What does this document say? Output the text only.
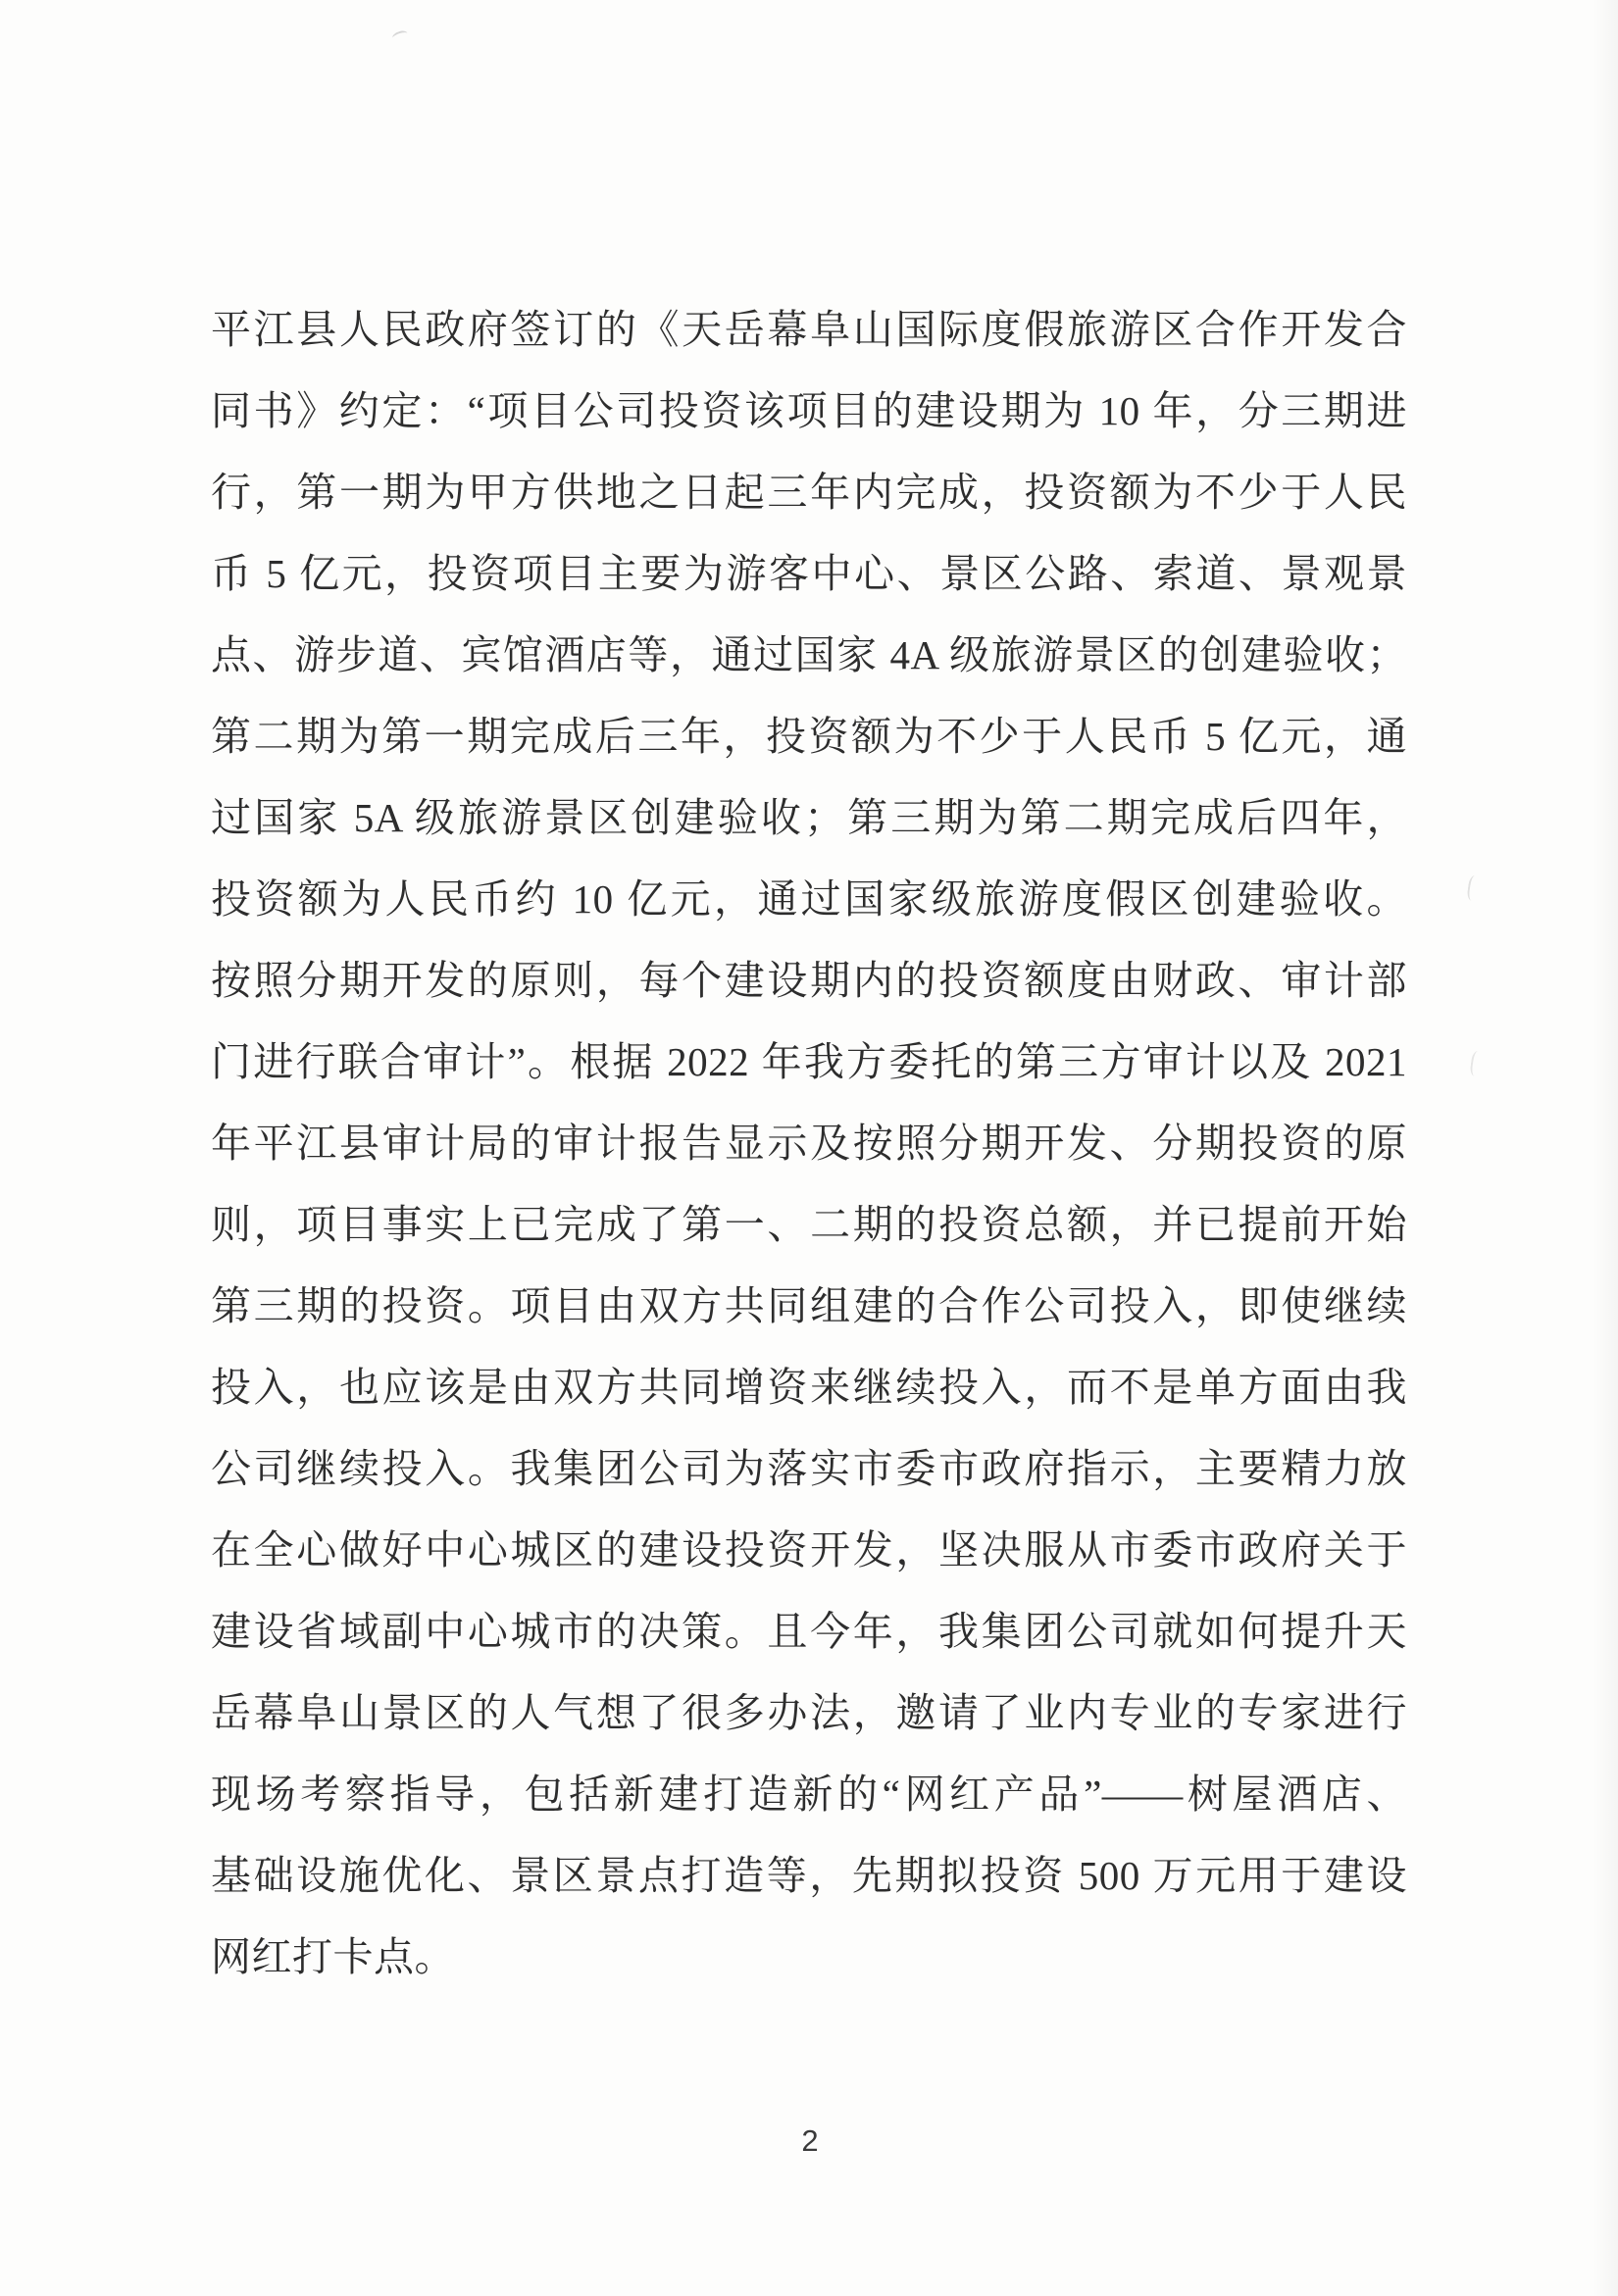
平江县人民政府签订的《天岳幕阜山国际度假旅游区合作开发合
同书》约定：“项目公司投资该项目的建设期为 10 年，分三期进
行，第一期为甲方供地之日起三年内完成，投资额为不少于人民
币 5 亿元，投资项目主要为游客中心、景区公路、索道、景观景
点、游步道、宾馆酒店等，通过国家 4A 级旅游景区的创建验收；
第二期为第一期完成后三年，投资额为不少于人民币 5 亿元，通
过国家 5A 级旅游景区创建验收；第三期为第二期完成后四年，
投资额为人民币约 10 亿元，通过国家级旅游度假区创建验收。
按照分期开发的原则，每个建设期内的投资额度由财政、审计部
门进行联合审计”。根据 2022 年我方委托的第三方审计以及 2021
年平江县审计局的审计报告显示及按照分期开发、分期投资的原
则，项目事实上已完成了第一、二期的投资总额，并已提前开始
第三期的投资。项目由双方共同组建的合作公司投入，即使继续
投入，也应该是由双方共同增资来继续投入，而不是单方面由我
公司继续投入。我集团公司为落实市委市政府指示，主要精力放
在全心做好中心城区的建设投资开发，坚决服从市委市政府关于
建设省域副中心城市的决策。且今年，我集团公司就如何提升天
岳幕阜山景区的人气想了很多办法，邀请了业内专业的专家进行
现场考察指导，包括新建打造新的“网红产品”——树屋酒店、
基础设施优化、景区景点打造等，先期拟投资 500 万元用于建设
网红打卡点。
2
